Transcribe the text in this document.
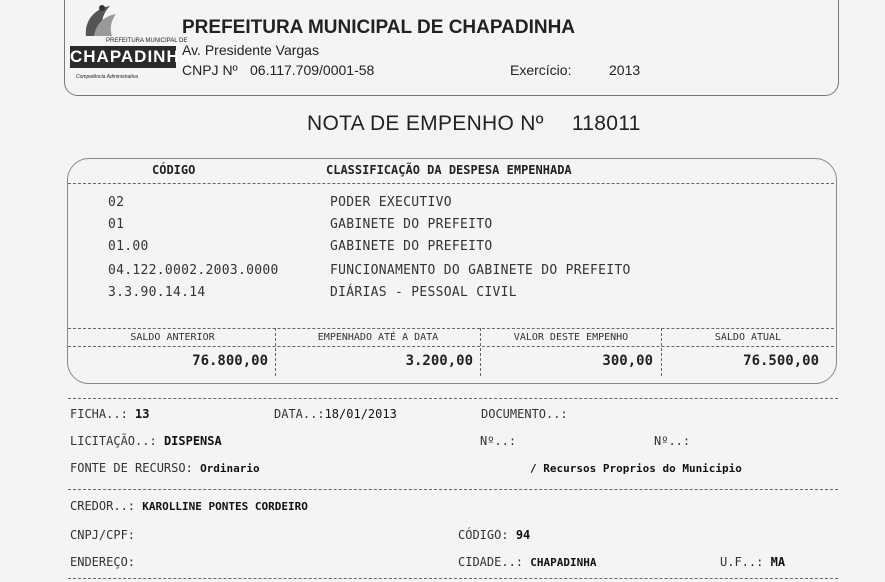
PREFEITURA MUNICIPAL DE
CHAPADINHA
Competência Administrativa
PREFEITURA MUNICIPAL DE CHAPADINHA
Av. Presidente Vargas
CNPJ Nº 06.117.709/0001-58	Exercício:	2013
NOTA DE EMPENHO Nº 118011
CÓDIGO	CLASSIFICAÇÃO DA DESPESA EMPENHADA
02	PODER EXECUTIVO
01	GABINETE DO PREFEITO
01.00	GABINETE DO PREFEITO
04.122.0002.2003.0000	FUNCIONAMENTO DO GABINETE DO PREFEITO
3.3.90.14.14	DIÁRIAS - PESSOAL CIVIL
SALDO ANTERIOR	EMPENHADO ATÉ A DATA	VALOR DESTE EMPENHO	SALDO ATUAL
76.800,00	3.200,00	300,00	76.500,00
FICHA..: 13	DATA..:18/01/2013	DOCUMENTO..:
LICITAÇÃO..: DISPENSA	Nº..:	Nº..:
FONTE DE RECURSO: Ordinario	/ Recursos Proprios do Municipio
CREDOR..: KAROLLINE PONTES CORDEIRO
CNPJ/CPF:	CÓDIGO: 94
ENDEREÇO:	CIDADE..: CHAPADINHA	U.F..: MA
